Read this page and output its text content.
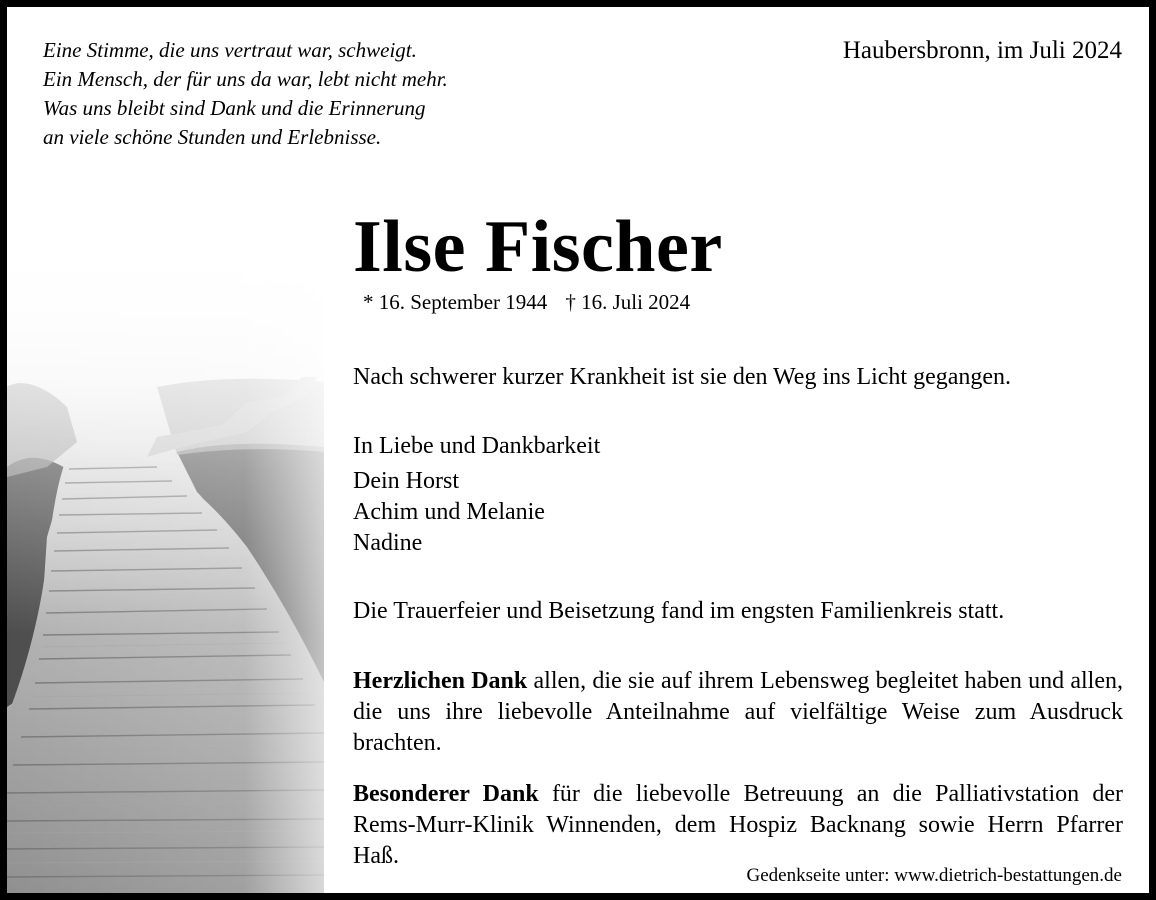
Eine Stimme, die uns vertraut war, schweigt.
Ein Mensch, der für uns da war, lebt nicht mehr.
Was uns bleibt sind Dank und die Erinnerung
an viele schöne Stunden und Erlebnisse.
Haubersbronn, im Juli 2024
Ilse Fischer
* 16. September 1944 † 16. Juli 2024
Nach schwerer kurzer Krankheit ist sie den Weg ins Licht gegangen.
In Liebe und Dankbarkeit
Dein Horst
Achim und Melanie
Nadine
Die Trauerfeier und Beisetzung fand im engsten Familienkreis statt.
Herzlichen Dank allen, die sie auf ihrem Lebensweg begleitet haben und allen, die uns ihre liebevolle Anteilnahme auf vielfältige Weise zum Ausdruck brachten.
Besonderer Dank für die liebevolle Betreuung an die Palliativstation der Rems-Murr-Klinik Winnenden, dem Hospiz Backnang sowie Herrn Pfarrer Haß.
Gedenkseite unter: www.dietrich-bestattungen.de
